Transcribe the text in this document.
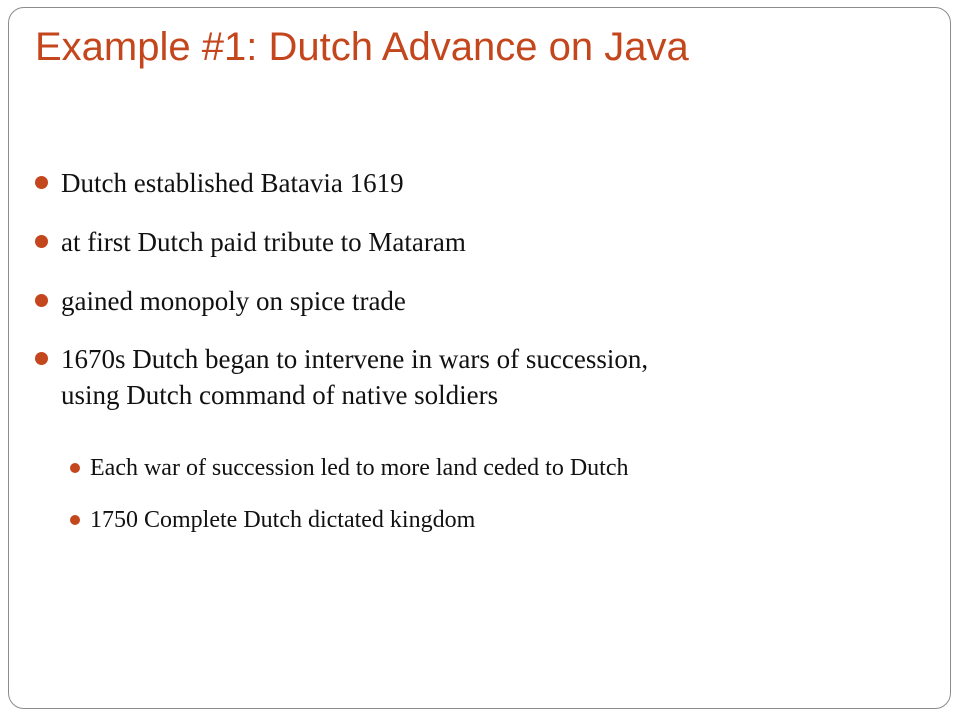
Example #1: Dutch Advance on Java
Dutch established Batavia 1619
at first Dutch paid tribute to Mataram
gained monopoly on spice trade
1670s Dutch began to intervene in wars of succession,
using Dutch command of native soldiers
Each war of succession led to more land ceded to Dutch
1750 Complete Dutch dictated kingdom
